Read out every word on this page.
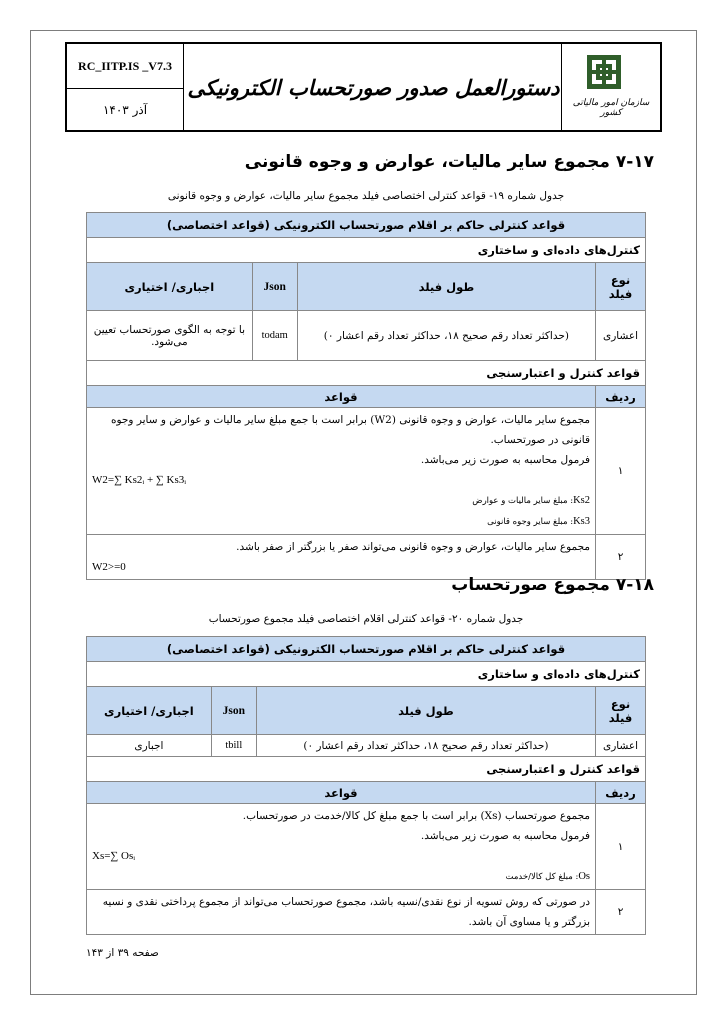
RC_IITP.IS _V7.3
آذر ۱۴۰۳
دستورالعمل صدور صورتحساب الکترونیکی
سازمان امور مالیاتی کشور
۷-۱۷ مجموع سایر مالیات، عوارض و وجوه قانونی
جدول شماره ۱۹- قواعد کنترلی اختصاصی فیلد مجموع سایر مالیات، عوارض و وجوه قانونی
قواعد کنترلی حاکم بر اقلام صورتحساب الکترونیکی (قواعد اختصاصی)			
کنترل‌های داده‌ای و ساختاری			
نوع فیلد	طول فیلد	Json	اجباری/ اختیاری
اعشاری	(حداکثر تعداد رقم صحیح ۱۸، حداکثر تعداد رقم اعشار ۰)	todam	با توجه به الگوی صورتحساب تعیین می‌شود.
قواعد کنترل و اعتبارسنجی			
ردیف	قواعد		
۱	مجموع سایر مالیات، عوارض و وجوه قانونی (W2) برابر است با جمع مبلغ سایر مالیات و عوارض و سایر وجوه قانونی در صورتحساب.
فرمول محاسبه به صورت زیر می‌باشد.
W2=∑ Ks2ᵢ + ∑ Ks3ᵢ
Ks2: مبلغ سایر مالیات و عوارض
Ks3: مبلغ سایر وجوه قانونی		

۲	مجموع سایر مالیات، عوارض و وجوه قانونی می‌تواند صفر یا بزرگتر از صفر باشد.
W2>=0		
۷-۱۸ مجموع صورتحساب
جدول شماره ۲۰- قواعد کنترلی اقلام اختصاصی فیلد مجموع صورتحساب
قواعد کنترلی حاکم بر اقلام صورتحساب الکترونیکی (قواعد اختصاصی)			
کنترل‌های داده‌ای و ساختاری			
نوع فیلد	طول فیلد	Json	اجباری/ اختیاری
اعشاری	(حداکثر تعداد رقم صحیح ۱۸، حداکثر تعداد رقم اعشار ۰)	tbill	اجباری
قواعد کنترل و اعتبارسنجی			
ردیف	قواعد		
۱	مجموع صورتحساب (Xs) برابر است با جمع مبلغ کل کالا/خدمت در صورتحساب.
فرمول محاسبه به صورت زیر می‌باشد.
Xs=∑ Osᵢ
Os: مبلغ کل کالا/خدمت		

۲	در صورتی که روش تسویه از نوع نقدی/نسیه باشد، مجموع صورتحساب می‌تواند از مجموع پرداختی نقدی و نسیه بزرگتر و یا مساوی آن باشد.		
صفحه ۳۹ از ۱۴۳
